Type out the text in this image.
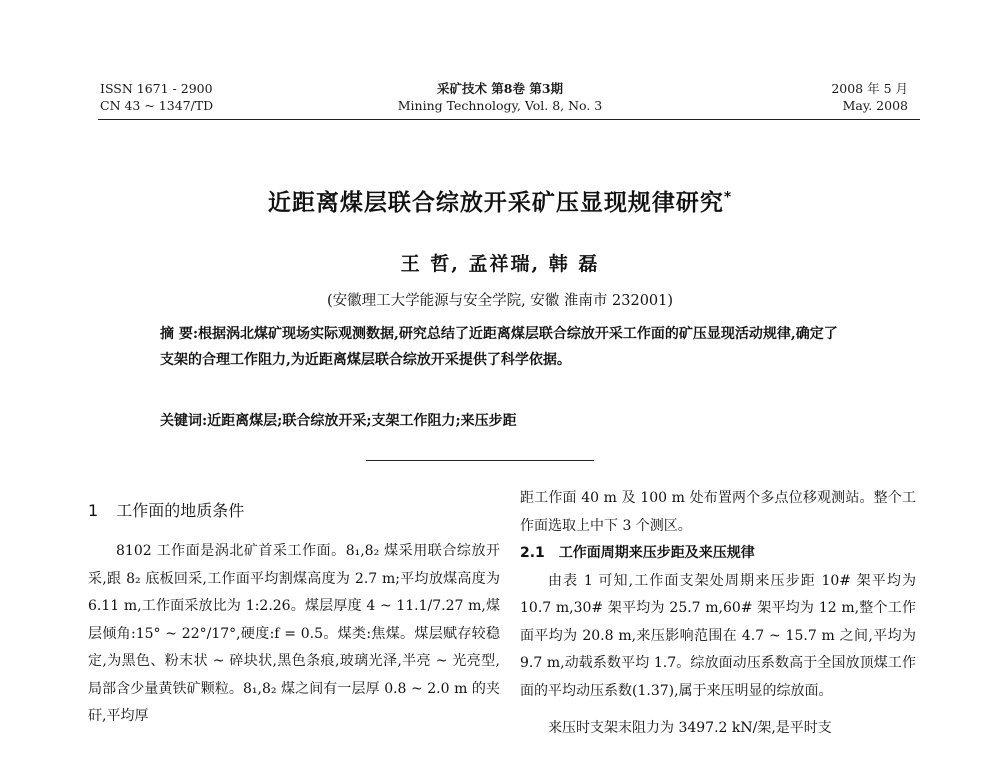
ISSN 1671 - 2900
CN 43 ~ 1347/TD
采矿技术 第8卷 第3期
Mining Technology, Vol. 8, No. 3
2008 年 5 月
May. 2008
近距离煤层联合综放开采矿压显现规律研究*
王 哲, 孟祥瑞, 韩 磊
(安徽理工大学能源与安全学院, 安徽 淮南市 232001)
摘 要:根据涡北煤矿现场实际观测数据,研究总结了近距离煤层联合综放开采工作面的矿压显现活动规律,确定了支架的合理工作阻力,为近距离煤层联合综放开采提供了科学依据。
关键词:近距离煤层;联合综放开采;支架工作阻力;来压步距
1 工作面的地质条件

8102 工作面是涡北矿首采工作面。8₁,8₂ 煤采用联合综放开采,跟 8₂ 底板回采,工作面平均割煤高度为 2.7 m;平均放煤高度为 6.11 m,工作面采放比为 1:2.26。煤层厚度 4 ~ 11.1/7.27 m,煤层倾角:15° ~ 22°/17°,硬度:f = 0.5。煤类:焦煤。煤层赋存较稳定,为黑色、粉末状 ~ 碎块状,黑色条痕,玻璃光泽,半亮 ~ 光亮型,局部含少量黄铁矿颗粒。8₁,8₂ 煤之间有一层厚 0.8 ~ 2.0 m 的夹矸,平均厚

距工作面 40 m 及 100 m 处布置两个多点位移观测站。整个工作面选取上中下 3 个测区。

2.1 工作面周期来压步距及来压规律

由表 1 可知,工作面支架处周期来压步距 10# 架平均为 10.7 m,30# 架平均为 25.7 m,60# 架平均为 12 m,整个工作面平均为 20.8 m,来压影响范围在 4.7 ~ 15.7 m 之间,平均为 9.7 m,动载系数平均 1.7。综放面动压系数高于全国放顶煤工作面的平均动压系数(1.37),属于来压明显的综放面。

来压时支架末阻力为 3497.2 kN/架,是平时支
